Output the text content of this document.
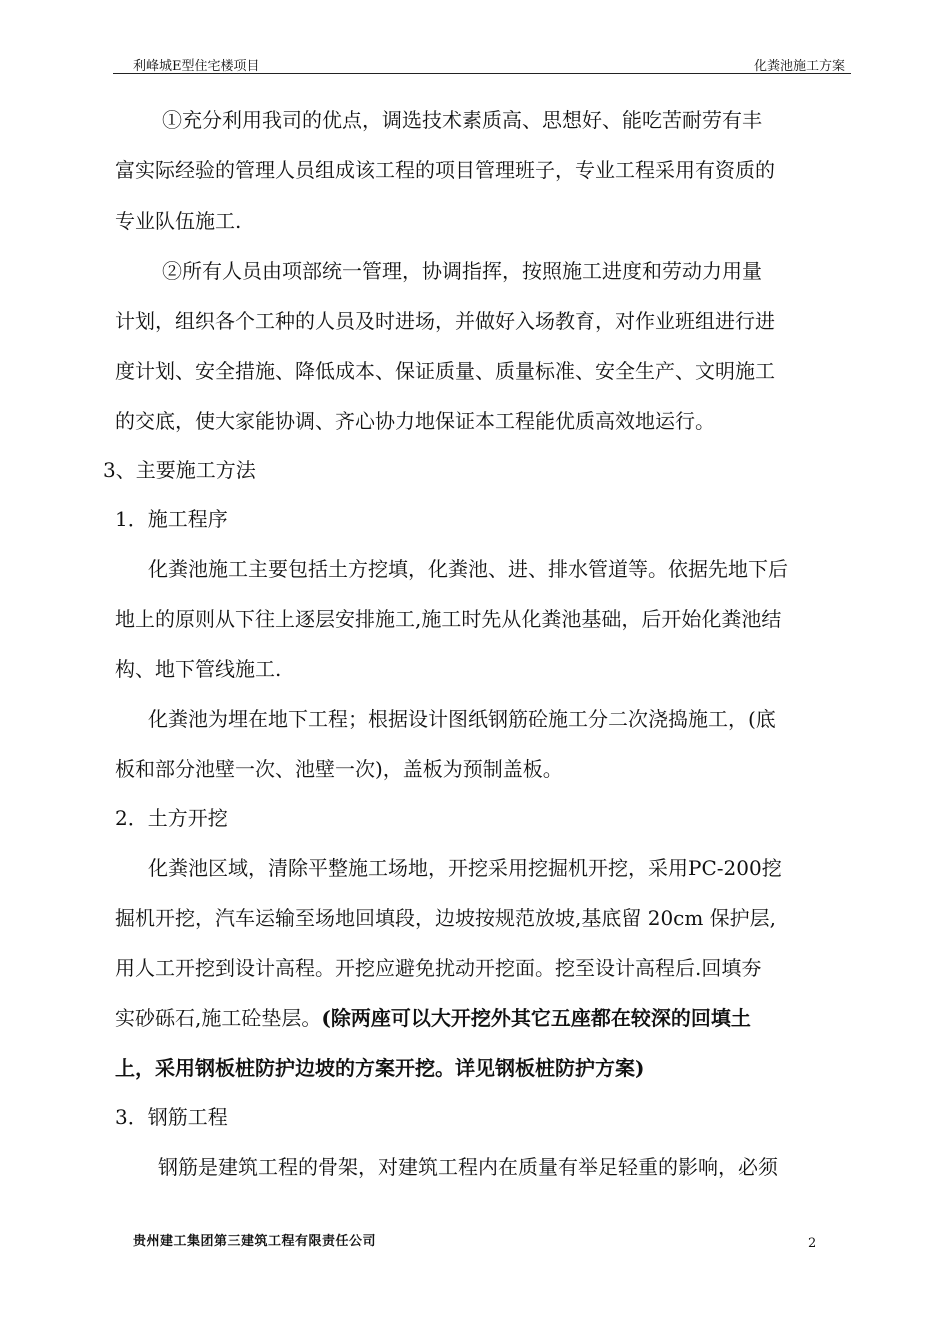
利峰城E型住宅楼项目	化粪池施工方案
①充分利用我司的优点，调选技术素质高、思想好、能吃苦耐劳有丰
富实际经验的管理人员组成该工程的项目管理班子，专业工程采用有资质的
专业队伍施工.
②所有人员由项部统一管理，协调指挥，按照施工进度和劳动力用量
计划，组织各个工种的人员及时进场，并做好入场教育，对作业班组进行进
度计划、安全措施、降低成本、保证质量、质量标准、安全生产、文明施工
的交底，使大家能协调、齐心协力地保证本工程能优质高效地运行。
3、主要施工方法
1．施工程序
化粪池施工主要包括土方挖填，化粪池、进、排水管道等。依据先地下后
地上的原则从下往上逐层安排施工,施工时先从化粪池基础，后开始化粪池结
构、地下管线施工.
化粪池为埋在地下工程；根据设计图纸钢筋砼施工分二次浇捣施工，(底
板和部分池壁一次、池壁一次)，盖板为预制盖板。
2．土方开挖
化粪池区域，清除平整施工场地，开挖采用挖掘机开挖，采用PC-200挖
掘机开挖，汽车运输至场地回填段，边坡按规范放坡,基底留 20cm 保护层,
用人工开挖到设计高程。开挖应避免扰动开挖面。挖至设计高程后.回填夯
实砂砾石,施工砼垫层。(除两座可以大开挖外其它五座都在较深的回填土
上，采用钢板桩防护边坡的方案开挖。详见钢板桩防护方案)
3．钢筋工程
钢筋是建筑工程的骨架，对建筑工程内在质量有举足轻重的影响，必须
贵州建工集团第三建筑工程有限责任公司	2
